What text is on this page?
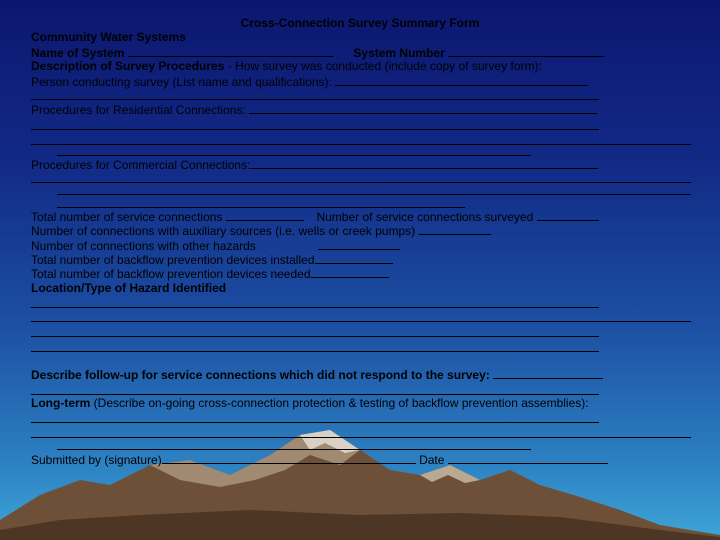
Cross-Connection Survey Summary Form
Community Water Systems
Name of System	System Number
Description of Survey Procedures - How survey was conducted (include copy of survey form):
Person conducting survey (List name and qualifications):
Procedures for Residential Connections:
Procedures for Commercial Connections:
Total number of service connections	Number of service connections surveyed
Number of connections with auxiliary sources (i.e. wells or creek pumps)
Number of connections with other hazards
Total number of backflow prevention devices installed
Total number of backflow prevention devices needed
Location/Type of Hazard Identified
Describe follow-up for service connections which did not respond to the survey:
Long-term (Describe on-going cross-connection protection & testing of backflow prevention assemblies):
Submitted by (signature)	Date
